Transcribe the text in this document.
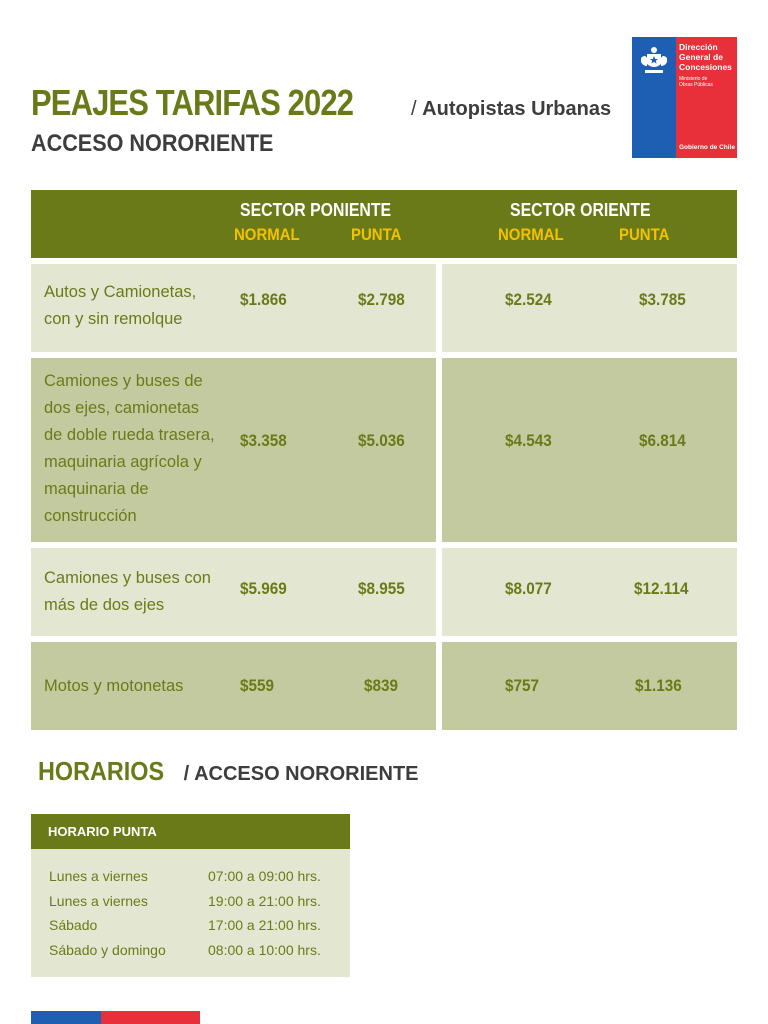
PEAJES TARIFAS 2022	/ Autopistas Urbanas
ACCESO NORORIENTE
Dirección
General de
Concesiones
Ministerio de
Obras Públicas
Gobierno de Chile
SECTOR PONIENTE
NORMAL	PUNTA
SECTOR ORIENTE
NORMAL	PUNTA
Autos y Camionetas, con y sin remolque
$1.866	$2.798	$2.524	$3.785
Camiones y buses de dos ejes, camionetas de doble rueda trasera, maquinaria agrícola y maquinaria de construcción
$3.358	$5.036	$4.543	$6.814
Camiones y buses con más de dos ejes
$5.969	$8.955	$8.077	$12.114
Motos y motonetas	$559	$839	$757	$1.136
HORARIOS / ACCESO NORORIENTE
HORARIO PUNTA
Lunes a viernes	07:00 a 09:00 hrs.
Lunes a viernes	19:00 a 21:00 hrs.
Sábado	17:00 a 21:00 hrs.
Sábado y domingo	08:00 a 10:00 hrs.
